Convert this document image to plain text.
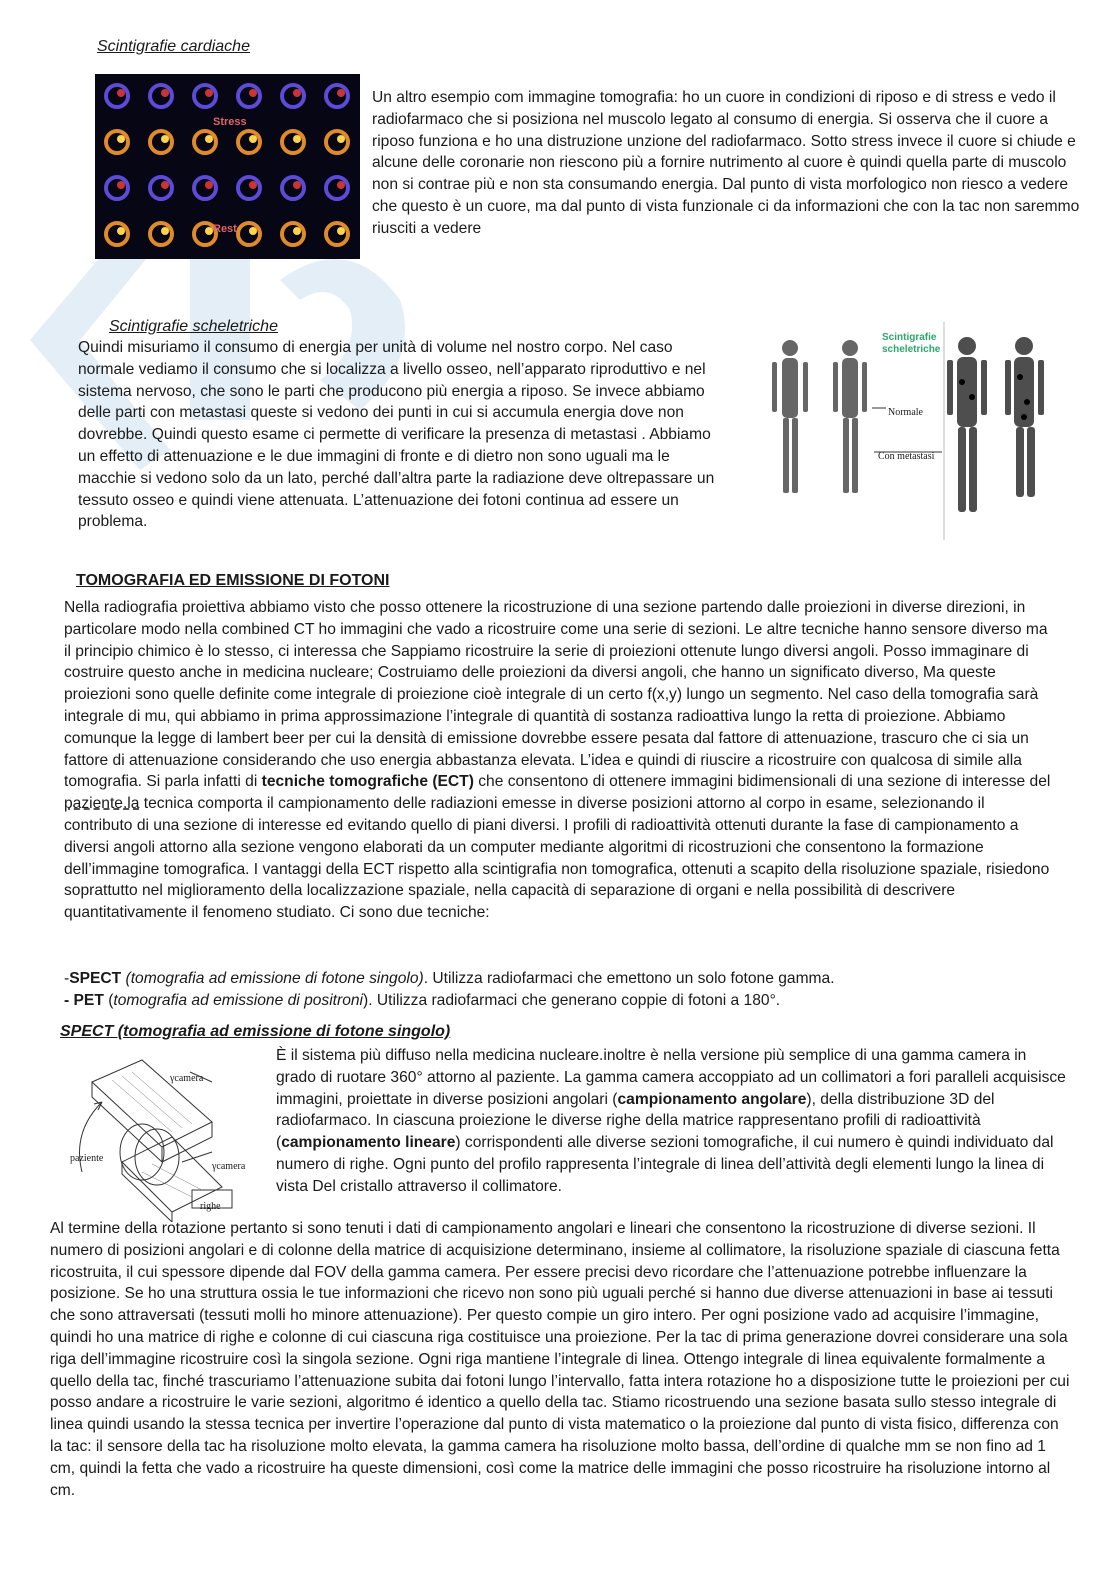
Scintigrafie cardiache
Stress
Rest

Un altro esempio com immagine tomografia: ho un cuore in condizioni di riposo e di stress e vedo il radiofarmaco che si posiziona nel muscolo legato al consumo di energia. Si osserva che il cuore a riposo funziona e ho una distruzione unzione del radiofarmaco. Sotto stress invece il cuore si chiude e alcune delle coronarie non riescono più a fornire nutrimento al cuore è quindi quella parte di muscolo non si contrae più e non sta consumando energia. Dal punto di vista morfologico non riesco a vedere che questo è un cuore, ma dal punto di vista funzionale ci da informazioni che con la tac non saremmo riusciti a vedere

Scintigrafie scheletriche

Quindi misuriamo il consumo di energia per unità di volume nel nostro corpo. Nel caso normale vediamo il consumo che si localizza a livello osseo, nell’apparato riproduttivo e nel sistema nervoso, che sono le parti che producono più energia a riposo. Se invece abbiamo delle parti con metastasi queste si vedono dei punti in cui si accumula energia dove non dovrebbe. Quindi questo esame ci permette di verificare la presenza di metastasi . Abbiamo un effetto di attenuazione e le due immagini di fronte e di dietro non sono uguali ma le macchie si vedono solo da un lato, perché dall’altra parte la radiazione deve oltrepassare un tessuto osseo e quindi viene attenuata. L’attenuazione dei fotoni continua ad essere un problema.

Scintigrafie
scheletriche
Normale
Con metastasi
TOMOGRAFIA ED EMISSIONE DI FOTONI

Nella radiografia proiettiva abbiamo visto che posso ottenere la ricostruzione di una sezione partendo dalle proiezioni in diverse direzioni, in particolare modo nella combined CT ho immagini che vado a ricostruire come una serie di sezioni. Le altre tecniche hanno sensore diverso ma il principio chimico è lo stesso, ci interessa che Sappiamo ricostruire la serie di proiezioni ottenute lungo diversi angoli. Posso immaginare di costruire questo anche in medicina nucleare; Costruiamo delle proiezioni da diversi angoli, che hanno un significato diverso, Ma queste proiezioni sono quelle definite come integrale di proiezione cioè integrale di un certo f(x,y) lungo un segmento. Nel caso della tomografia sarà integrale di mu, qui abbiamo in prima approssimazione l’integrale di quantità di sostanza radioattiva lungo la retta di proiezione. Abbiamo comunque la legge di lambert beer per cui la densità di emissione dovrebbe essere pesata dal fattore di attenuazione, trascuro che ci sia un fattore di attenuazione considerando che uso energia abbastanza elevata. L’idea e quindi di riuscire a ricostruire con qualcosa di simile alla tomografia. Si parla infatti di tecniche tomografiche (ECT) che consentono di ottenere immagini bidimensionali di una sezione di interesse del paziente.la tecnica comporta il campionamento delle radiazioni emesse in diverse posizioni attorno al corpo in esame, selezionando il contributo di una sezione di interesse ed evitando quello di piani diversi. I profili di radioattività ottenuti durante la fase di campionamento a diversi angoli attorno alla sezione vengono elaborati da un computer mediante algoritmi di ricostruzioni che consentono la formazione dell’immagine tomografica. I vantaggi della ECT rispetto alla scintigrafia non tomografica, ottenuti a scapito della risoluzione spaziale, risiedono soprattutto nel miglioramento della localizzazione spaziale, nella capacità di separazione di organi e nella possibilità di descrivere quantitativamente il fenomeno studiato. Ci sono due tecniche:

-SPECT (tomografia ad emissione di fotone singolo). Utilizza radiofarmaci che emettono un solo fotone gamma.

- PET (tomografia ad emissione di positroni). Utilizza radiofarmaci che generano coppie di fotoni a 180°.

SPECT (tomografia ad emissione di fotone singolo)
γcamera
γcamera
paziente
righe

È il sistema più diffuso nella medicina nucleare.inoltre è nella versione più semplice di una gamma camera in grado di ruotare 360° attorno al paziente. La gamma camera accoppiato ad un collimatori a fori paralleli acquisisce immagini, proiettate in diverse posizioni angolari (campionamento angolare), della distribuzione 3D del radiofarmaco. In ciascuna proiezione le diverse righe della matrice rappresentano profili di radioattività (campionamento lineare) corrispondenti alle diverse sezioni tomografiche, il cui numero è quindi individuato dal numero di righe. Ogni punto del profilo rappresenta l’integrale di linea dell’attività degli elementi lungo la linea di vista Del cristallo attraverso il collimatore.

Al termine della rotazione pertanto si sono tenuti i dati di campionamento angolari e lineari che consentono la ricostruzione di diverse sezioni. Il numero di posizioni angolari e di colonne della matrice di acquisizione determinano, insieme al collimatore, la risoluzione spaziale di ciascuna fetta ricostruita, il cui spessore dipende dal FOV della gamma camera. Per essere precisi devo ricordare che l’attenuazione potrebbe influenzare la posizione. Se ho una struttura ossia le tue informazioni che ricevo non sono più uguali perché si hanno due diverse attenuazioni in base ai tessuti che sono attraversati (tessuti molli ho minore attenuazione). Per questo compie un giro intero. Per ogni posizione vado ad acquisire l’immagine, quindi ho una matrice di righe e colonne di cui ciascuna riga costituisce una proiezione. Per la tac di prima generazione dovrei considerare una sola riga dell’immagine ricostruire così la singola sezione. Ogni riga mantiene l’integrale di linea. Ottengo integrale di linea equivalente formalmente a quello della tac, finché trascuriamo l’attenuazione subita dai fotoni lungo l’intervallo, fatta intera rotazione ho a disposizione tutte le proiezioni per cui posso andare a ricostruire le varie sezioni, algoritmo é identico a quello della tac. Stiamo ricostruendo una sezione basata sullo stesso integrale di linea quindi usando la stessa tecnica per invertire l’operazione dal punto di vista matematico o la proiezione dal punto di vista fisico, differenza con la tac: il sensore della tac ha risoluzione molto elevata, la gamma camera ha risoluzione molto bassa, dell’ordine di qualche mm se non fino ad 1 cm, quindi la fetta che vado a ricostruire ha queste dimensioni, così come la matrice delle immagini che posso ricostruire ha risoluzione intorno al cm.
